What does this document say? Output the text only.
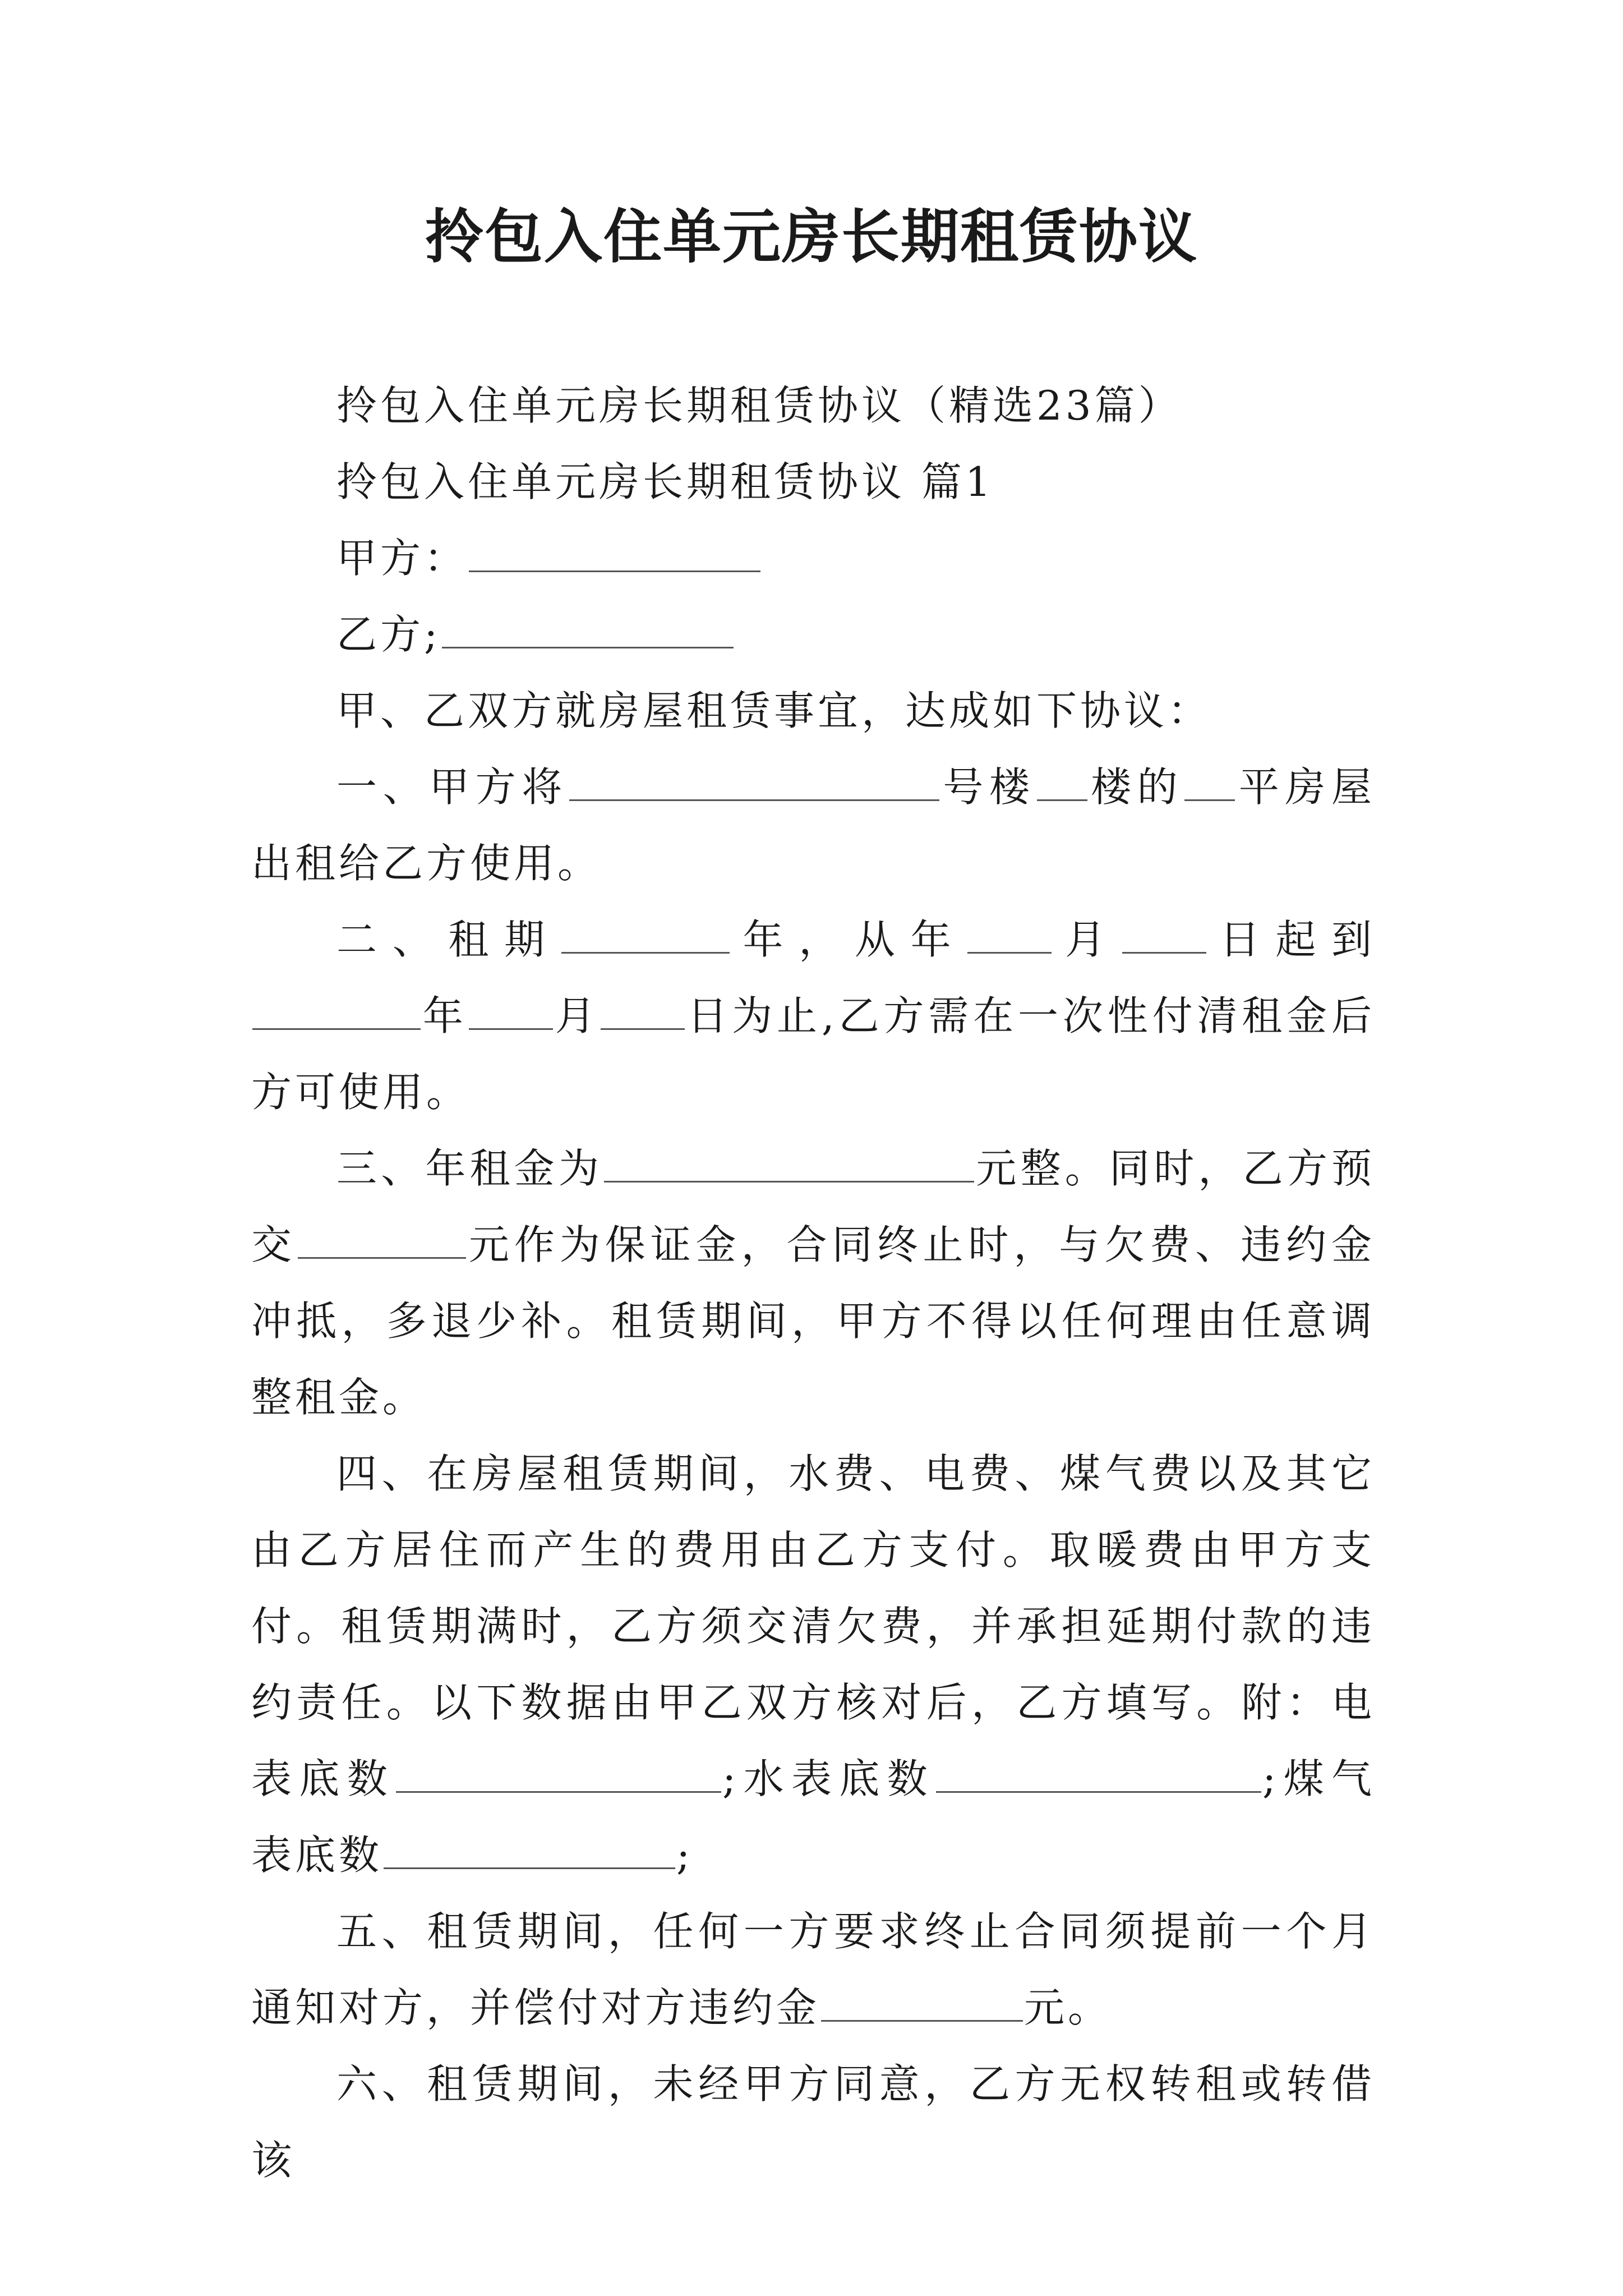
拎包入住单元房长期租赁协议

拎包入住单元房长期租赁协议（精选23篇）

拎包入住单元房长期租赁协议 篇1

甲方：

乙方;

甲、乙双方就房屋租赁事宜，达成如下协议：

一、甲方将	号楼 楼的 平房屋出租给乙方使用。

二、租期	年，从年 月 日起到年 月 日为止,乙方需在一次性付清租金后方可使用。

三、年租金为	元整。同时，乙方预交	元作为保证金，合同终止时，与欠费、违约金冲抵，多退少补。租赁期间，甲方不得以任何理由任意调整租金。

四、在房屋租赁期间，水费、电费、煤气费以及其它由乙方居住而产生的费用由乙方支付。取暖费由甲方支付。租赁期满时，乙方须交清欠费，并承担延期付款的违约责任。以下数据由甲乙双方核对后，乙方填写。附：电表底数	;水表底数	;煤气表底数	;

五、租赁期间，任何一方要求终止合同须提前一个月通知对方，并偿付对方违约金	元。

六、租赁期间，未经甲方同意，乙方无权转租或转借该
